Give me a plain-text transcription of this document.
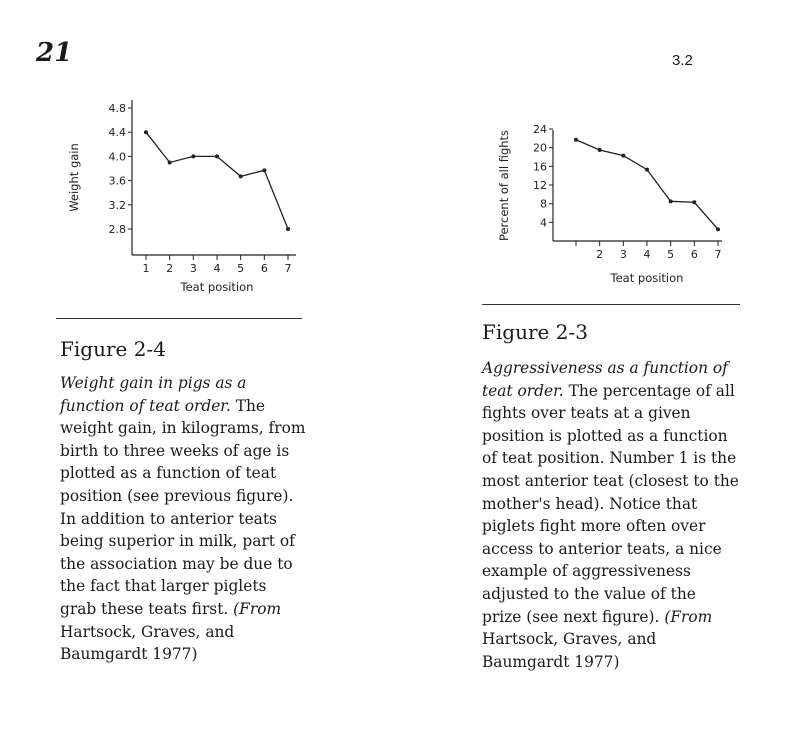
21	3.2
2.8
3.2
3.6
4.0
4.4
4.8
1 2 3 4 5 6 7
Teat position
Weight gain
Figure 2-4
Weight gain in pigs as a function of teat order. The weight gain, in kilograms, from birth to three weeks of age is plotted as a function of teat position (see previous figure). In addition to anterior teats being superior in milk, part of the association may be due to the fact that larger piglets grab these teats first. (From Hartsock, Graves, and Baumgardt 1977)
4
8
12
16
20
24
2 3 4 5 6 7
Teat position
Percent of all fights
Figure 2-3
Aggressiveness as a function of teat order. The percentage of all fights over teats at a given position is plotted as a function of teat position. Number 1 is the most anterior teat (closest to the mother's head). Notice that piglets fight more often over access to anterior teats, a nice example of aggressiveness adjusted to the value of the prize (see next figure). (From Hartsock, Graves, and Baumgardt 1977)
